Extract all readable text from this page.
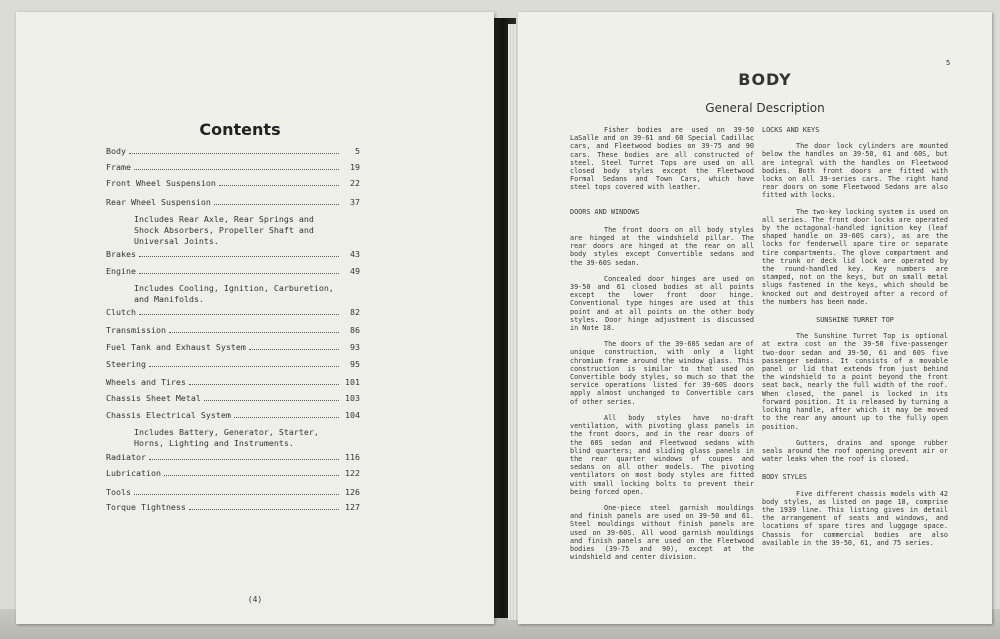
Contents
(4)
Body	5
Frame	19
Front Wheel Suspension	22
Rear Wheel Suspension	37
Includes Rear Axle, Rear Springs and Shock Absorbers, Propeller Shaft and Universal Joints.
Brakes	43
Engine	49
Includes Cooling, Ignition, Carburetion, and Manifolds.
Clutch	82
Transmission	86
Fuel Tank and Exhaust System	93
Steering	95
Wheels and Tires	101
Chassis Sheet Metal	103
Chassis Electrical System	104
Includes Battery, Generator, Starter, Horns, Lighting and Instruments.
Radiator	116
Lubrication	122
Tools	126
Torque Tightness	127
5
BODY
General Description

Fisher bodies are used on 39-50 LaSalle and on 39-61 and 60 Special Cadillac cars, and Fleetwood bodies on 39-75 and 90 cars. These bodies are all constructed of steel. Steel Turret Tops are used on all closed body styles except the Fleetwood Formal Sedans and Town Cars, which have steel tops covered with leather.

DOORS AND WINDOWS

The front doors on all body styles are hinged at the windshield pillar. The rear doors are hinged at the rear on all body styles except Convertible sedans and the 39-60S sedan.

Concealed door hinges are used on 39-50 and 61 closed bodies at all points except the lower front door hinge. Conventional type hinges are used at this point and at all points on the other body styles. Door hinge adjustment is discussed in Note 18.

The doors of the 39-60S sedan are of unique construction, with only a light chromium frame around the window glass. This construction is similar to that used on Convertible body styles, so much so that the service operations listed for 39-60S doors apply almost unchanged to Convertible cars of other series.

All body styles have no-draft ventilation, with pivoting glass panels in the front doors, and in the rear doors of the 60S sedan and Fleetwood sedans with blind quarters; and sliding glass panels in the rear quarter windows of coupes and sedans on all other models. The pivoting ventilators on most body styles are fitted with small locking bolts to prevent their being forced open.

One-piece steel garnish mouldings and finish panels are used on 39-50 and 61. Steel mouldings without finish panels are used on 39-60S. All wood garnish mouldings and finish panels are used on the Fleetwood bodies (39-75 and 90), except at the windshield and center division.

LOCKS AND KEYS

The door lock cylinders are mounted below the handles on 39-50, 61 and 60S, but are integral with the handles on Fleetwood bodies. Both front doors are fitted with locks on all 39-series cars. The right hand rear doors on some Fleetwood Sedans are also fitted with locks.

The two-key locking system is used on all series. The front door locks are operated by the octagonal-handled ignition key (leaf shaped handle on 39-60S cars), as are the locks for fenderwell spare tire or separate tire compartments. The glove compartment and the trunk or deck lid lock are operated by the round-handled key. Key numbers are stamped, not on the keys, but on small metal slugs fastened in the keys, which should be knocked out and destroyed after a record of the numbers has been made.

SUNSHINE TURRET TOP

The Sunshine Turret Top is optional at extra cost on the 39-50 five-passenger two-door sedan and 39-50, 61 and 60S five passenger sedans. It consists of a movable panel or lid that extends from just behind the windshield to a point beyond the front seat back, nearly the full width of the roof. When closed, the panel is locked in its forward position. It is released by turning a locking handle, after which it may be moved to the rear any amount up to the fully open position.

Gutters, drains and sponge rubber seals around the roof opening prevent air or water leaks when the roof is closed.

BODY STYLES

Five different chassis models with 42 body styles, as listed on page 18, comprise the 1939 line. This listing gives in detail the arrangement of seats and windows, and locations of spare tires and luggage space. Chassis for commercial bodies are also available in the 39-50, 61, and 75 series.
